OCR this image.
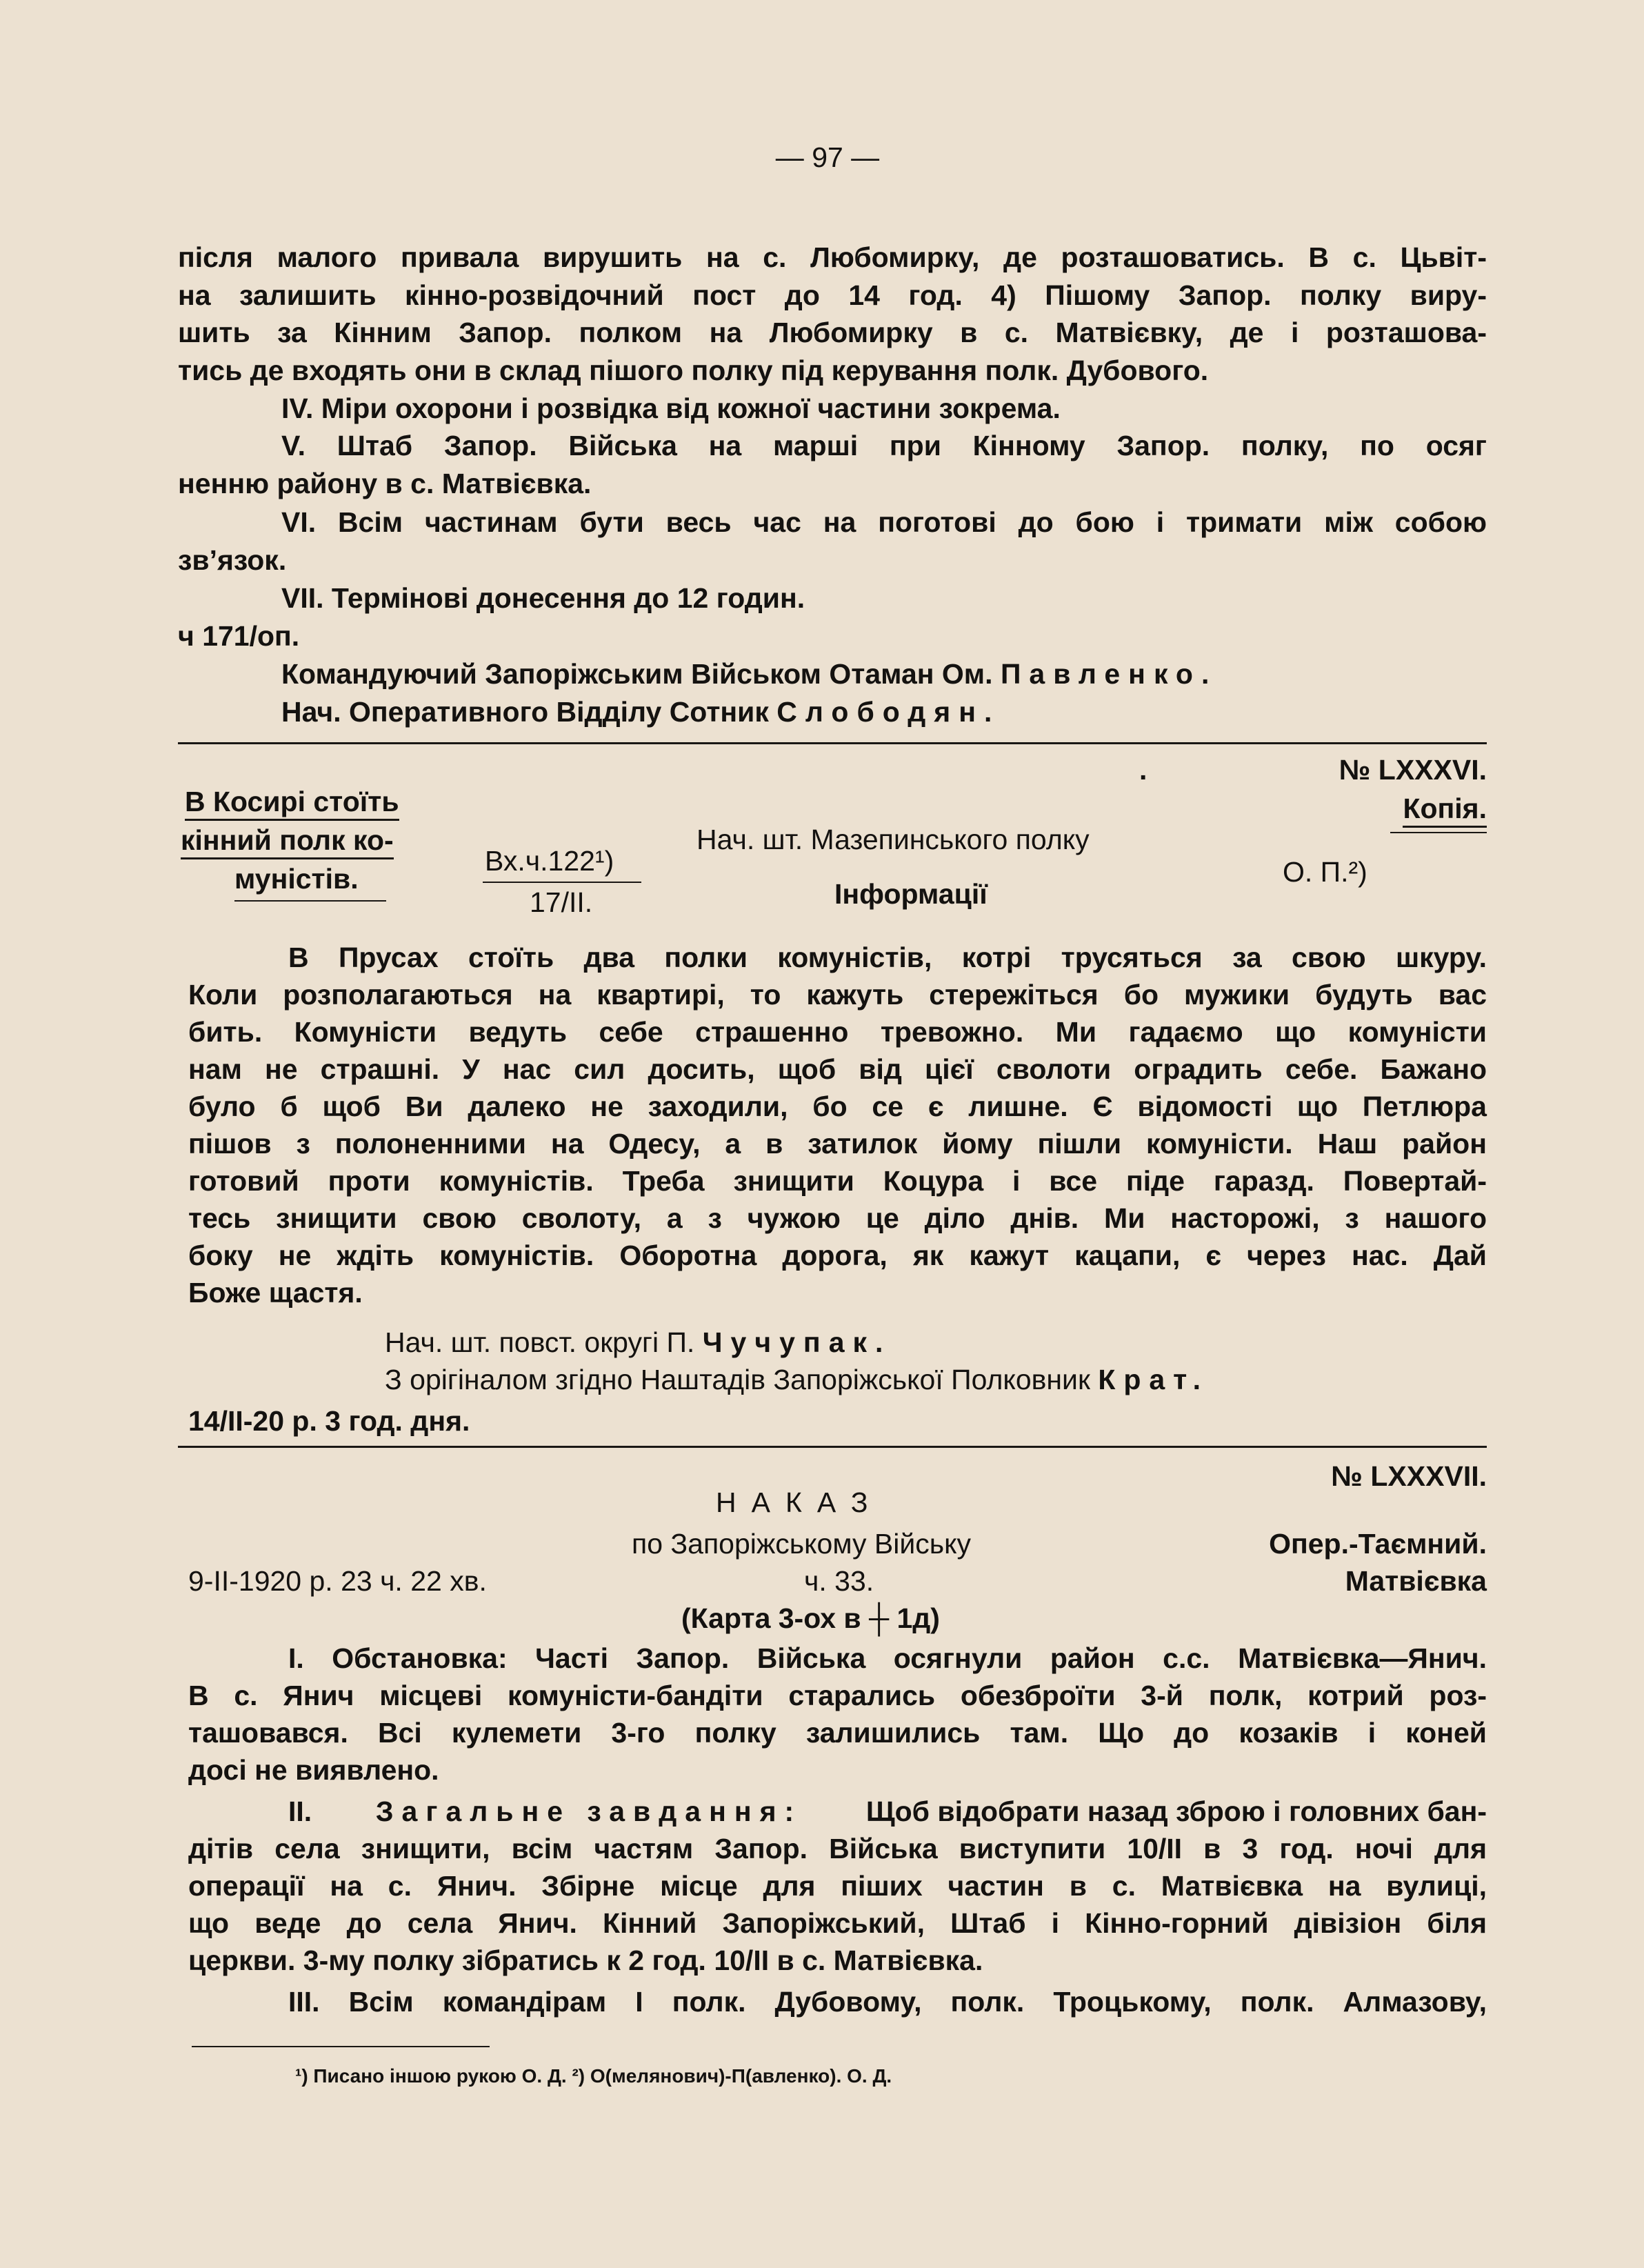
— 97 —
після малого привала вирушить на с. Любомирку, де розташоватись. В с. Цьвіт-
на залишить кінно-розвідочний пост до 14 год. 4) Пішому Запор. полку виру-
шить за Кінним Запор. полком на Любомирку в с. Матвієвку, де і розташова-
тись де входять они в склад пішого полку під керування полк. Дубового.
IV. Міри охорони і розвідка від кожної частини зокрема.
V. Штаб Запор. Війська на марші при Кінному Запор. полку, по осяг
ненню району в с. Матвієвка.
VI. Всім частинам бути весь час на поготові до бою і тримати між собою
зв’язок.
VII. Термінові донесення до 12 годин.
ч 171/оп.
Командуючий Запоріжським Військом Отаман Ом. Павленко.
Нач. Оперативного Відділу Сотник Слободян.
.	№ LXXXVI.
Копія.
В Косирі стоїть
кінний полк ко-
муністів.
Вх.ч.122¹)
17/II.
Нач. шт. Мазепинського полку
Інформації
О. П.²)
В Прусах стоїть два полки комуністів, котрі трусяться за свою шкуру.
Коли розполагаються на квартирі, то кажуть стережіться бо мужики будуть вас
бить. Комуністи ведуть себе страшенно тревожно. Ми гадаємо що комуністи
нам не страшні. У нас сил досить, щоб від цієї сволоти оградить себе. Бажано
було б щоб Ви далеко не заходили, бо се є лишне. Є відомості що Петлюра
пішов з полоненними на Одесу, а в затилок йому пішли комуністи. Наш район
готовий проти комуністів. Треба знищити Коцура і все піде гаразд. Повертай-
тесь знищити свою сволоту, а з чужою це діло днів. Ми насторожі, з нашого
боку не ждіть комуністів. Оборотна дорога, як кажут кацапи, є через нас. Дай
Боже щастя.
Нач. шт. повст. округі П. Чучупак.
З орігіналом згідно Наштадів Запоріжської Полковник Крат.
14/II-20 р. 3 год. дня.
№ LXXXVII.
НАКАЗ
по Запоріжському Війську	Опер.-Таємний.
9-II-1920 р. 23 ч. 22 хв.	ч. 33.	Матвієвка
(Карта 3-ох в ┼ 1д)
I. Обстановка: Часті Запор. Війська осягнули район с.с. Матвієвка—Янич.
В с. Янич місцеві комуністи-бандіти старались обезброїти 3-й полк, котрий роз-
ташовався. Всі кулемети 3-го полку залишились там. Що до козаків і коней
досі не виявлено.
II. Загальне завдання: Щоб відобрати назад зброю і головних бан-
дітів села знищити, всім частям Запор. Війська виступити 10/II в 3 год. ночі для
операції на с. Янич. Збірне місце для піших частин в с. Матвієвка на вулиці,
що веде до села Янич. Кінний Запоріжський, Штаб і Кінно-горний дівізіон біля
церкви. 3-му полку зібратись к 2 год. 10/II в с. Матвієвка.
III. Всім командірам І полк. Дубовому, полк. Троцькому, полк. Алмазову,
¹) Писано іншою рукою О. Д. ²) О(мелянович)-П(авленко). О. Д.
